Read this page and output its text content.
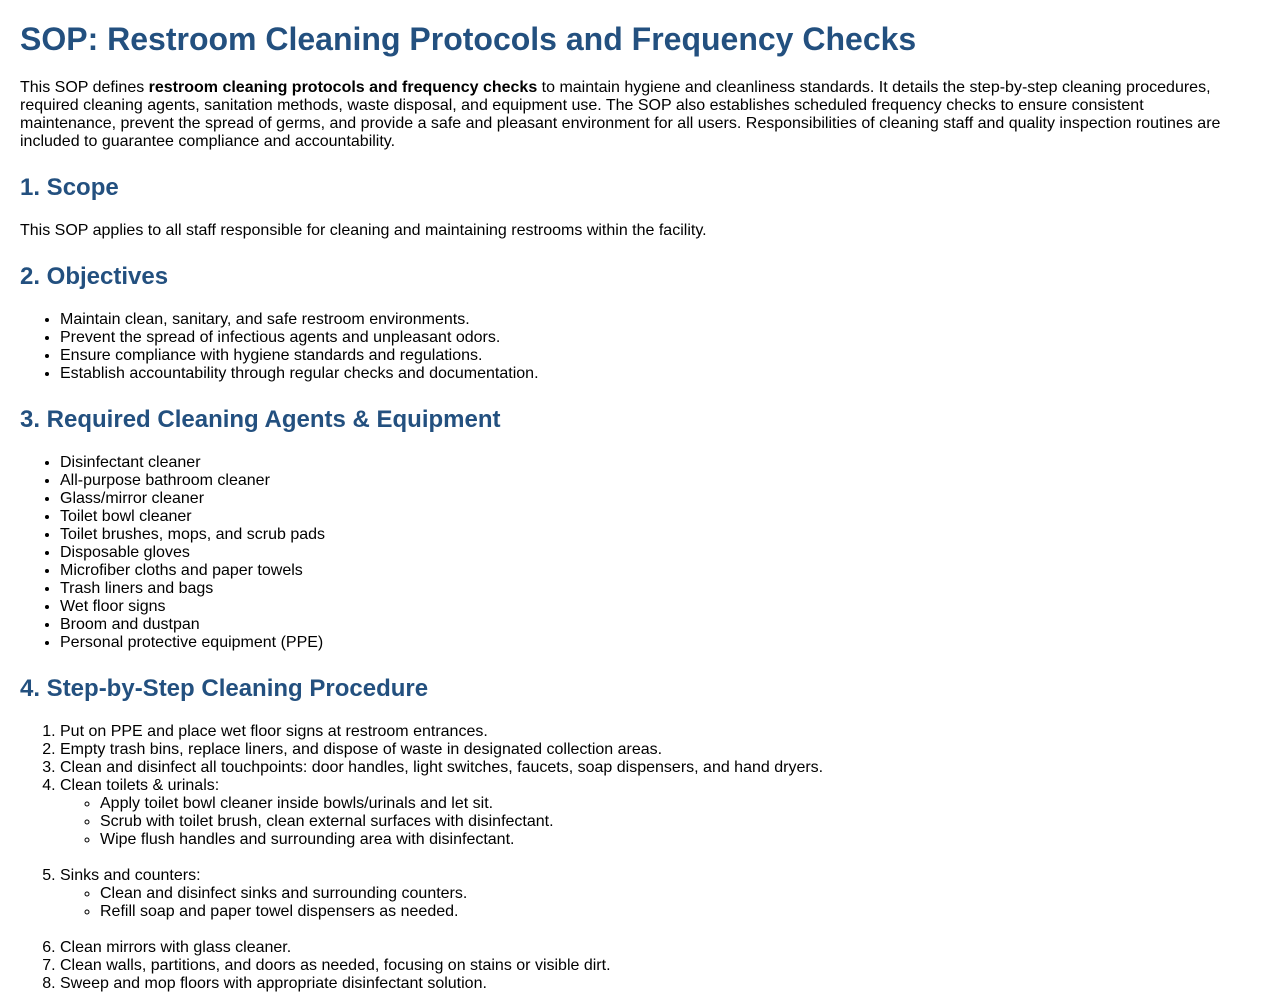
SOP: Restroom Cleaning Protocols and Frequency Checks

This SOP defines restroom cleaning protocols and frequency checks to maintain hygiene and cleanliness standards. It details the step-by-step cleaning procedures, required cleaning agents, sanitation methods, waste disposal, and equipment use. The SOP also establishes scheduled frequency checks to ensure consistent maintenance, prevent the spread of germs, and provide a safe and pleasant environment for all users. Responsibilities of cleaning staff and quality inspection routines are included to guarantee compliance and accountability.

1. Scope

This SOP applies to all staff responsible for cleaning and maintaining restrooms within the facility.

2. Objectives
• Maintain clean, sanitary, and safe restroom environments.
• Prevent the spread of infectious agents and unpleasant odors.
• Ensure compliance with hygiene standards and regulations.
• Establish accountability through regular checks and documentation.
3. Required Cleaning Agents & Equipment
• Disinfectant cleaner
• All-purpose bathroom cleaner
• Glass/mirror cleaner
• Toilet bowl cleaner
• Toilet brushes, mops, and scrub pads
• Disposable gloves
• Microfiber cloths and paper towels
• Trash liners and bags
• Wet floor signs
• Broom and dustpan
• Personal protective equipment (PPE)
4. Step-by-Step Cleaning Procedure
1. Put on PPE and place wet floor signs at restroom entrances.
2. Empty trash bins, replace liners, and dispose of waste in designated collection areas.
3. Clean and disinfect all touchpoints: door handles, light switches, faucets, soap dispensers, and hand dryers.
4. Clean toilets & urinals:
◦ Apply toilet bowl cleaner inside bowls/urinals and let sit.
◦ Scrub with toilet brush, clean external surfaces with disinfectant.
◦ Wipe flush handles and surrounding area with disinfectant.
5. Sinks and counters:
◦ Clean and disinfect sinks and surrounding counters.
◦ Refill soap and paper towel dispensers as needed.
6. Clean mirrors with glass cleaner.
7. Clean walls, partitions, and doors as needed, focusing on stains or visible dirt.
8. Sweep and mop floors with appropriate disinfectant solution.
